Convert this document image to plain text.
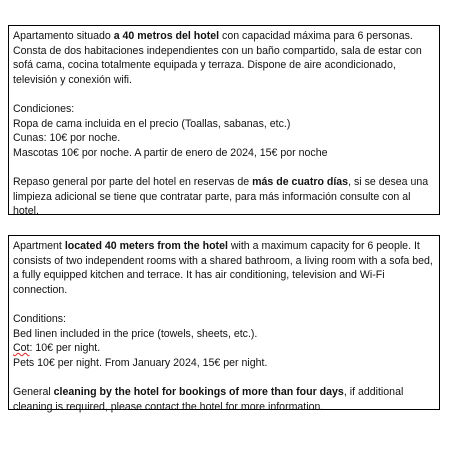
Apartamento situado a 40 metros del hotel con capacidad máxima para 6 personas. Consta de dos habitaciones independientes con un baño compartido, sala de estar con sofá cama, cocina totalmente equipada y terraza. Dispone de aire acondicionado, televisión y conexión wifi.

Condiciones:

Ropa de cama incluida en el precio (Toallas, sabanas, etc.)

Cunas: 10€ por noche.

Mascotas 10€ por noche. A partir de enero de 2024, 15€ por noche

Repaso general por parte del hotel en reservas de más de cuatro días, si se desea una limpieza adicional se tiene que contratar parte, para más información consulte con al hotel.

Apartment located 40 meters from the hotel with a maximum capacity for 6 people. It consists of two independent rooms with a shared bathroom, a living room with a sofa bed, a fully equipped kitchen and terrace. It has air conditioning, television and Wi-Fi connection.

Conditions:

Bed linen included in the price (towels, sheets, etc.).

Cot: 10€ per night.

Pets 10€ per night. From January 2024, 15€ per night.

General cleaning by the hotel for bookings of more than four days, if additional cleaning is required, please contact the hotel for more information.
